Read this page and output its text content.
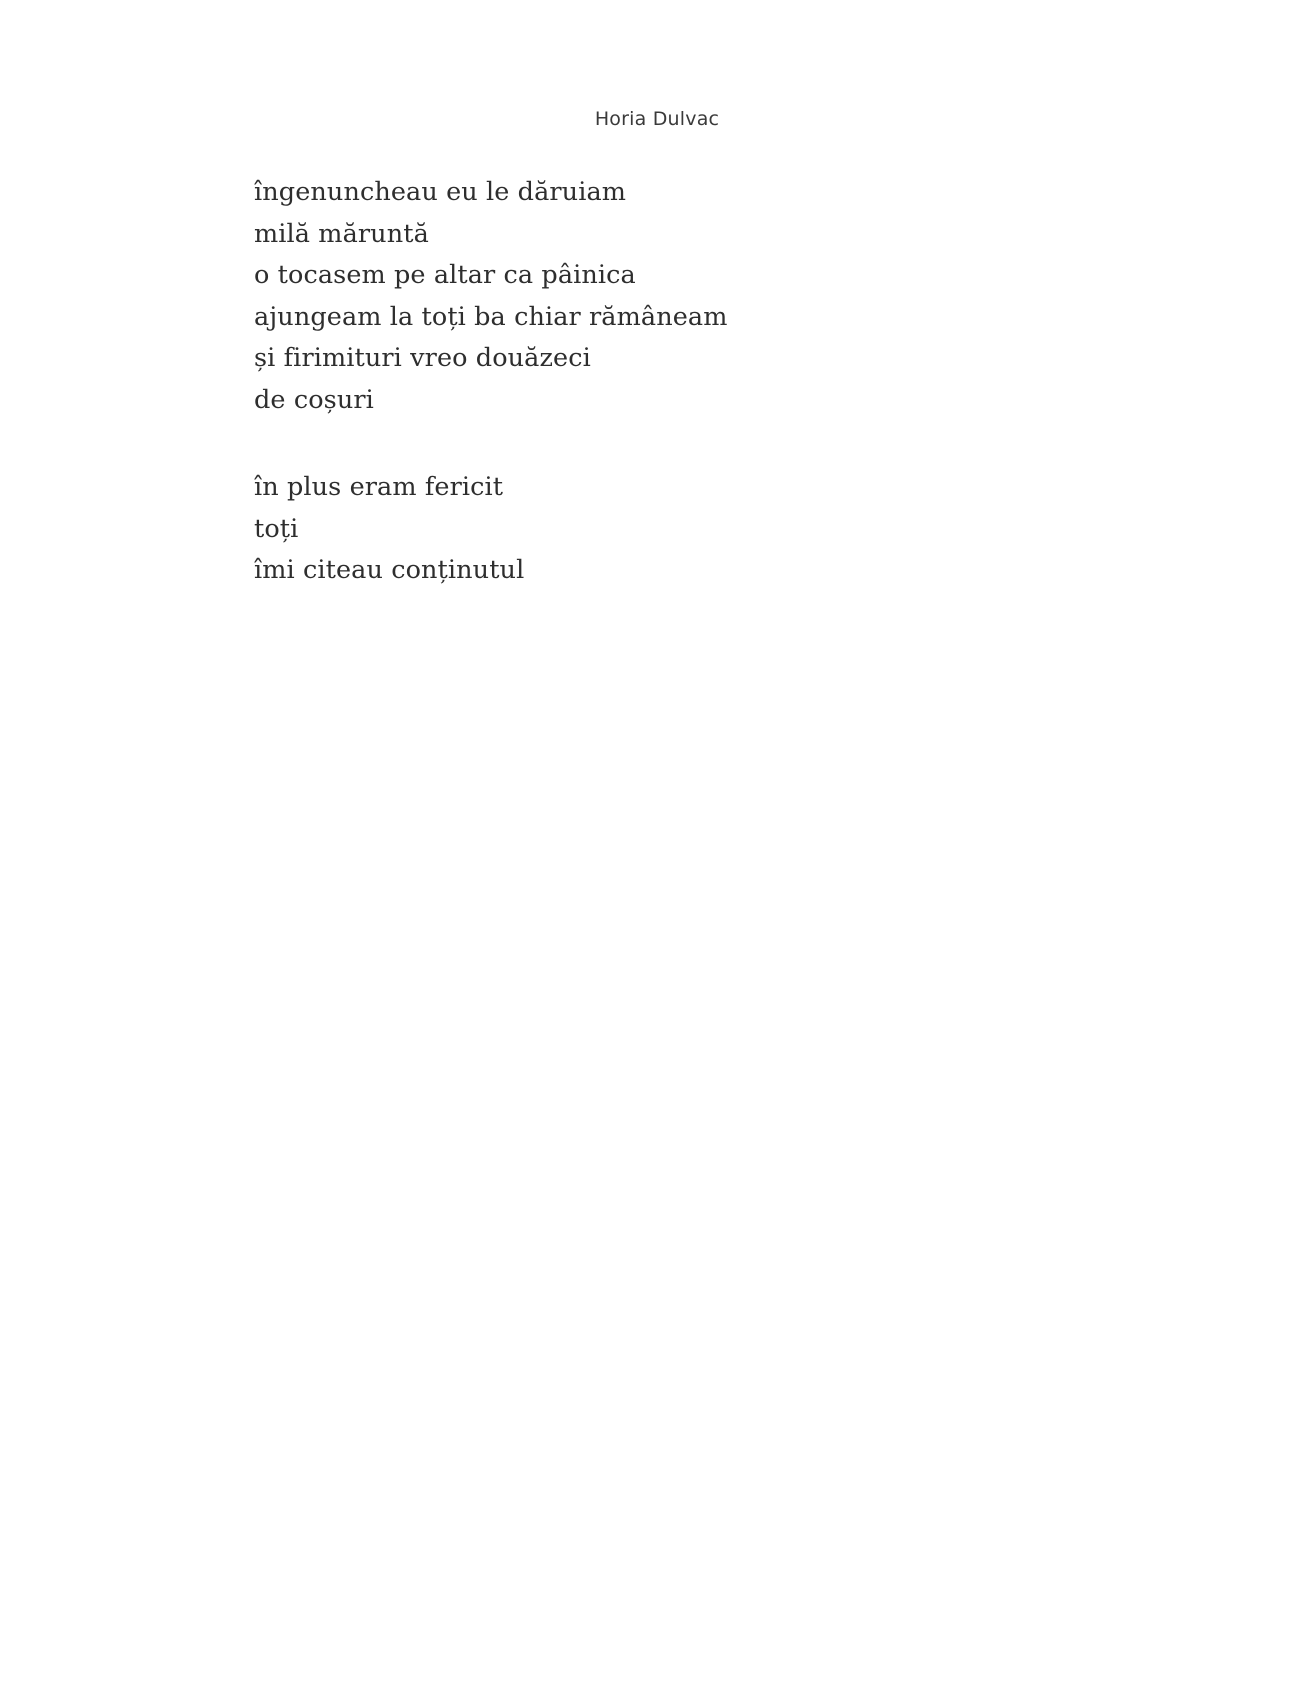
Horia Dulvac
îngenuncheau eu le dăruiam
milă măruntă
o tocasem pe altar ca pâinica
ajungeam la toți ba chiar rămâneam
și firimituri vreo douăzeci
de coșuri
în plus eram fericit
toți
îmi citeau conținutul
